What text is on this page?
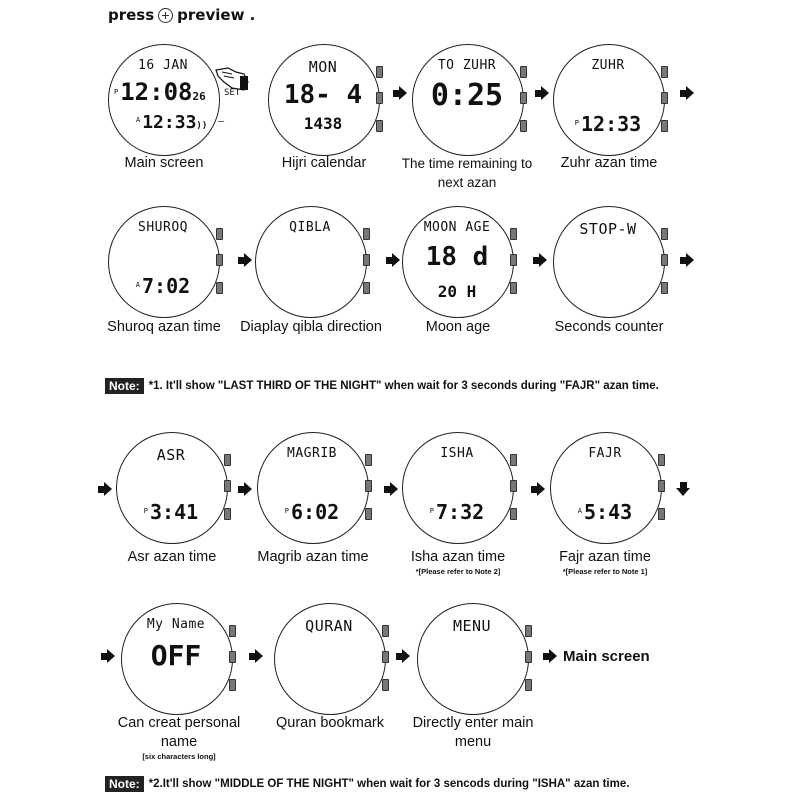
press preview .
16 JAN
$^P$12:0826
$^A$ 12:33))
SET
–
MON
18- 4
1438
TO ZUHR
0:25
ZUHR
$^P$ 12:33
Main screen	Hijri calendar	The time remaining to next azan
Zuhr azan time
SHUROQ
$^A$ 7:02
QIBLA	MOON AGE
18 d
20 H
STOP-W
Shuroq azan time	Diaplay qibla direction	Moon age	Seconds counter
Note: *1. It'll show "LAST THIRD OF THE NIGHT" when wait for 3 seconds during "FAJR" azan time.
ASR
$^P$ 3:41
MAGRIB
$^P$ 6:02
ISHA
$^P$ 7:32
FAJR
$^A$ 5:43
Asr azan time	Magrib azan time	Isha azan time
*[Please refer to Note 2]
Fajr azan time
*[Please refer to Note 1]
My Name
OFF
QURAN	MENU
Can creat personal name
[six characters long]
Quran bookmark	Directly enter main menu
Main screen
Note: *2.It'll show "MIDDLE OF THE NIGHT" when wait for 3 sencods during "ISHA" azan time.
